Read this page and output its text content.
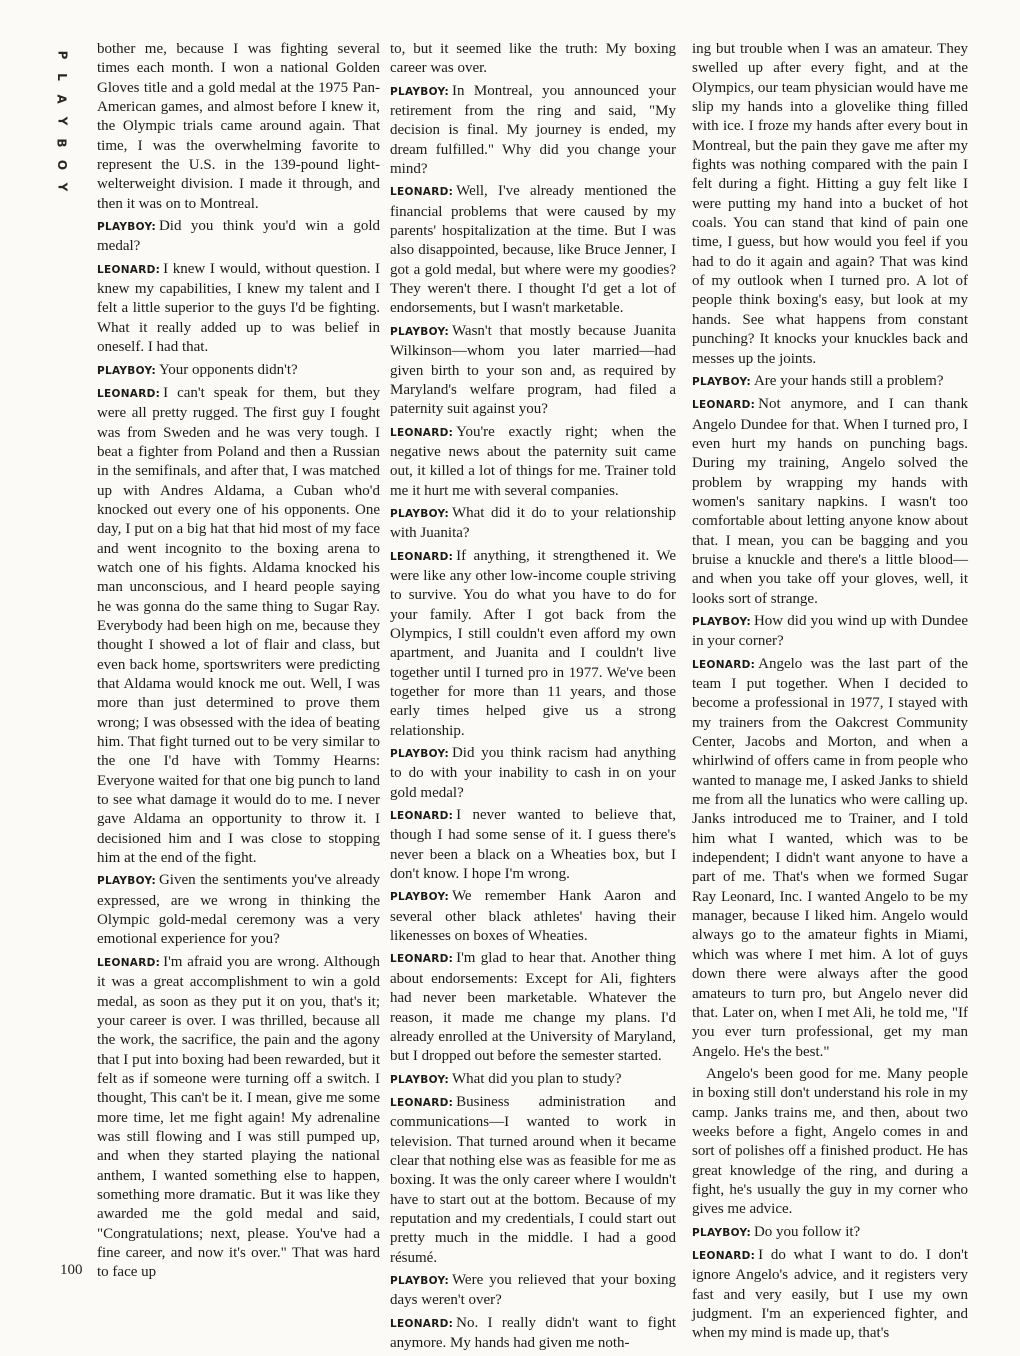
P
L
A
Y
B
O
Y

bother me, because I was fighting several times each month. I won a national Golden Gloves title and a gold medal at the 1975 Pan-American games, and almost before I knew it, the Olympic trials came around again. That time, I was the overwhelming favorite to represent the U.S. in the 139-pound light-welterweight division. I made it through, and then it was on to Montreal.

PLAYBOY: Did you think you'd win a gold medal?

LEONARD: I knew I would, without question. I knew my capabilities, I knew my talent and I felt a little superior to the guys I'd be fighting. What it really added up to was belief in oneself. I had that.

PLAYBOY: Your opponents didn't?

LEONARD: I can't speak for them, but they were all pretty rugged. The first guy I fought was from Sweden and he was very tough. I beat a fighter from Poland and then a Russian in the semifinals, and after that, I was matched up with Andres Aldama, a Cuban who'd knocked out every one of his opponents. One day, I put on a big hat that hid most of my face and went incognito to the boxing arena to watch one of his fights. Aldama knocked his man unconscious, and I heard people saying he was gonna do the same thing to Sugar Ray. Everybody had been high on me, because they thought I showed a lot of flair and class, but even back home, sportswriters were predicting that Aldama would knock me out. Well, I was more than just determined to prove them wrong; I was obsessed with the idea of beating him. That fight turned out to be very similar to the one I'd have with Tommy Hearns: Everyone waited for that one big punch to land to see what damage it would do to me. I never gave Aldama an opportunity to throw it. I decisioned him and I was close to stopping him at the end of the fight.

PLAYBOY: Given the sentiments you've already expressed, are we wrong in thinking the Olympic gold-medal ceremony was a very emotional experience for you?

LEONARD: I'm afraid you are wrong. Although it was a great accomplishment to win a gold medal, as soon as they put it on you, that's it; your career is over. I was thrilled, because all the work, the sacrifice, the pain and the agony that I put into boxing had been rewarded, but it felt as if someone were turning off a switch. I thought, This can't be it. I mean, give me some more time, let me fight again! My adrenaline was still flowing and I was still pumped up, and when they started playing the national anthem, I wanted something else to happen, something more dramatic. But it was like they awarded me the gold medal and said, "Congratulations; next, please. You've had a fine career, and now it's over." That was hard to face up

to, but it seemed like the truth: My boxing career was over.

PLAYBOY: In Montreal, you announced your retirement from the ring and said, "My decision is final. My journey is ended, my dream fulfilled." Why did you change your mind?

LEONARD: Well, I've already mentioned the financial problems that were caused by my parents' hospitalization at the time. But I was also disappointed, because, like Bruce Jenner, I got a gold medal, but where were my goodies? They weren't there. I thought I'd get a lot of endorsements, but I wasn't marketable.

PLAYBOY: Wasn't that mostly because Juanita Wilkinson—whom you later married—had given birth to your son and, as required by Maryland's welfare program, had filed a paternity suit against you?

LEONARD: You're exactly right; when the negative news about the paternity suit came out, it killed a lot of things for me. Trainer told me it hurt me with several companies.

PLAYBOY: What did it do to your relationship with Juanita?

LEONARD: If anything, it strengthened it. We were like any other low-income couple striving to survive. You do what you have to do for your family. After I got back from the Olympics, I still couldn't even afford my own apartment, and Juanita and I couldn't live together until I turned pro in 1977. We've been together for more than 11 years, and those early times helped give us a strong relationship.

PLAYBOY: Did you think racism had anything to do with your inability to cash in on your gold medal?

LEONARD: I never wanted to believe that, though I had some sense of it. I guess there's never been a black on a Wheaties box, but I don't know. I hope I'm wrong.

PLAYBOY: We remember Hank Aaron and several other black athletes' having their likenesses on boxes of Wheaties.

LEONARD: I'm glad to hear that. Another thing about endorsements: Except for Ali, fighters had never been marketable. Whatever the reason, it made me change my plans. I'd already enrolled at the University of Maryland, but I dropped out before the semester started.

PLAYBOY: What did you plan to study?

LEONARD: Business administration and communications—I wanted to work in television. That turned around when it became clear that nothing else was as feasible for me as boxing. It was the only career where I wouldn't have to start out at the bottom. Because of my reputation and my credentials, I could start out pretty much in the middle. I had a good résumé.

PLAYBOY: Were you relieved that your boxing days weren't over?

LEONARD: No. I really didn't want to fight anymore. My hands had given me noth-

ing but trouble when I was an amateur. They swelled up after every fight, and at the Olympics, our team physician would have me slip my hands into a glovelike thing filled with ice. I froze my hands after every bout in Montreal, but the pain they gave me after my fights was nothing compared with the pain I felt during a fight. Hitting a guy felt like I were putting my hand into a bucket of hot coals. You can stand that kind of pain one time, I guess, but how would you feel if you had to do it again and again? That was kind of my outlook when I turned pro. A lot of people think boxing's easy, but look at my hands. See what happens from constant punching? It knocks your knuckles back and messes up the joints.

PLAYBOY: Are your hands still a problem?

LEONARD: Not anymore, and I can thank Angelo Dundee for that. When I turned pro, I even hurt my hands on punching bags. During my training, Angelo solved the problem by wrapping my hands with women's sanitary napkins. I wasn't too comfortable about letting anyone know about that. I mean, you can be bagging and you bruise a knuckle and there's a little blood—and when you take off your gloves, well, it looks sort of strange.

PLAYBOY: How did you wind up with Dundee in your corner?

LEONARD: Angelo was the last part of the team I put together. When I decided to become a professional in 1977, I stayed with my trainers from the Oakcrest Community Center, Jacobs and Morton, and when a whirlwind of offers came in from people who wanted to manage me, I asked Janks to shield me from all the lunatics who were calling up. Janks introduced me to Trainer, and I told him what I wanted, which was to be independent; I didn't want anyone to have a part of me. That's when we formed Sugar Ray Leonard, Inc. I wanted Angelo to be my manager, because I liked him. Angelo would always go to the amateur fights in Miami, which was where I met him. A lot of guys down there were always after the good amateurs to turn pro, but Angelo never did that. Later on, when I met Ali, he told me, "If you ever turn professional, get my man Angelo. He's the best."

Angelo's been good for me. Many people in boxing still don't understand his role in my camp. Janks trains me, and then, about two weeks before a fight, Angelo comes in and sort of polishes off a finished product. He has great knowledge of the ring, and during a fight, he's usually the guy in my corner who gives me advice.

PLAYBOY: Do you follow it?

LEONARD: I do what I want to do. I don't ignore Angelo's advice, and it registers very fast and very easily, but I use my own judgment. I'm an experienced fighter, and when my mind is made up, that's

100
